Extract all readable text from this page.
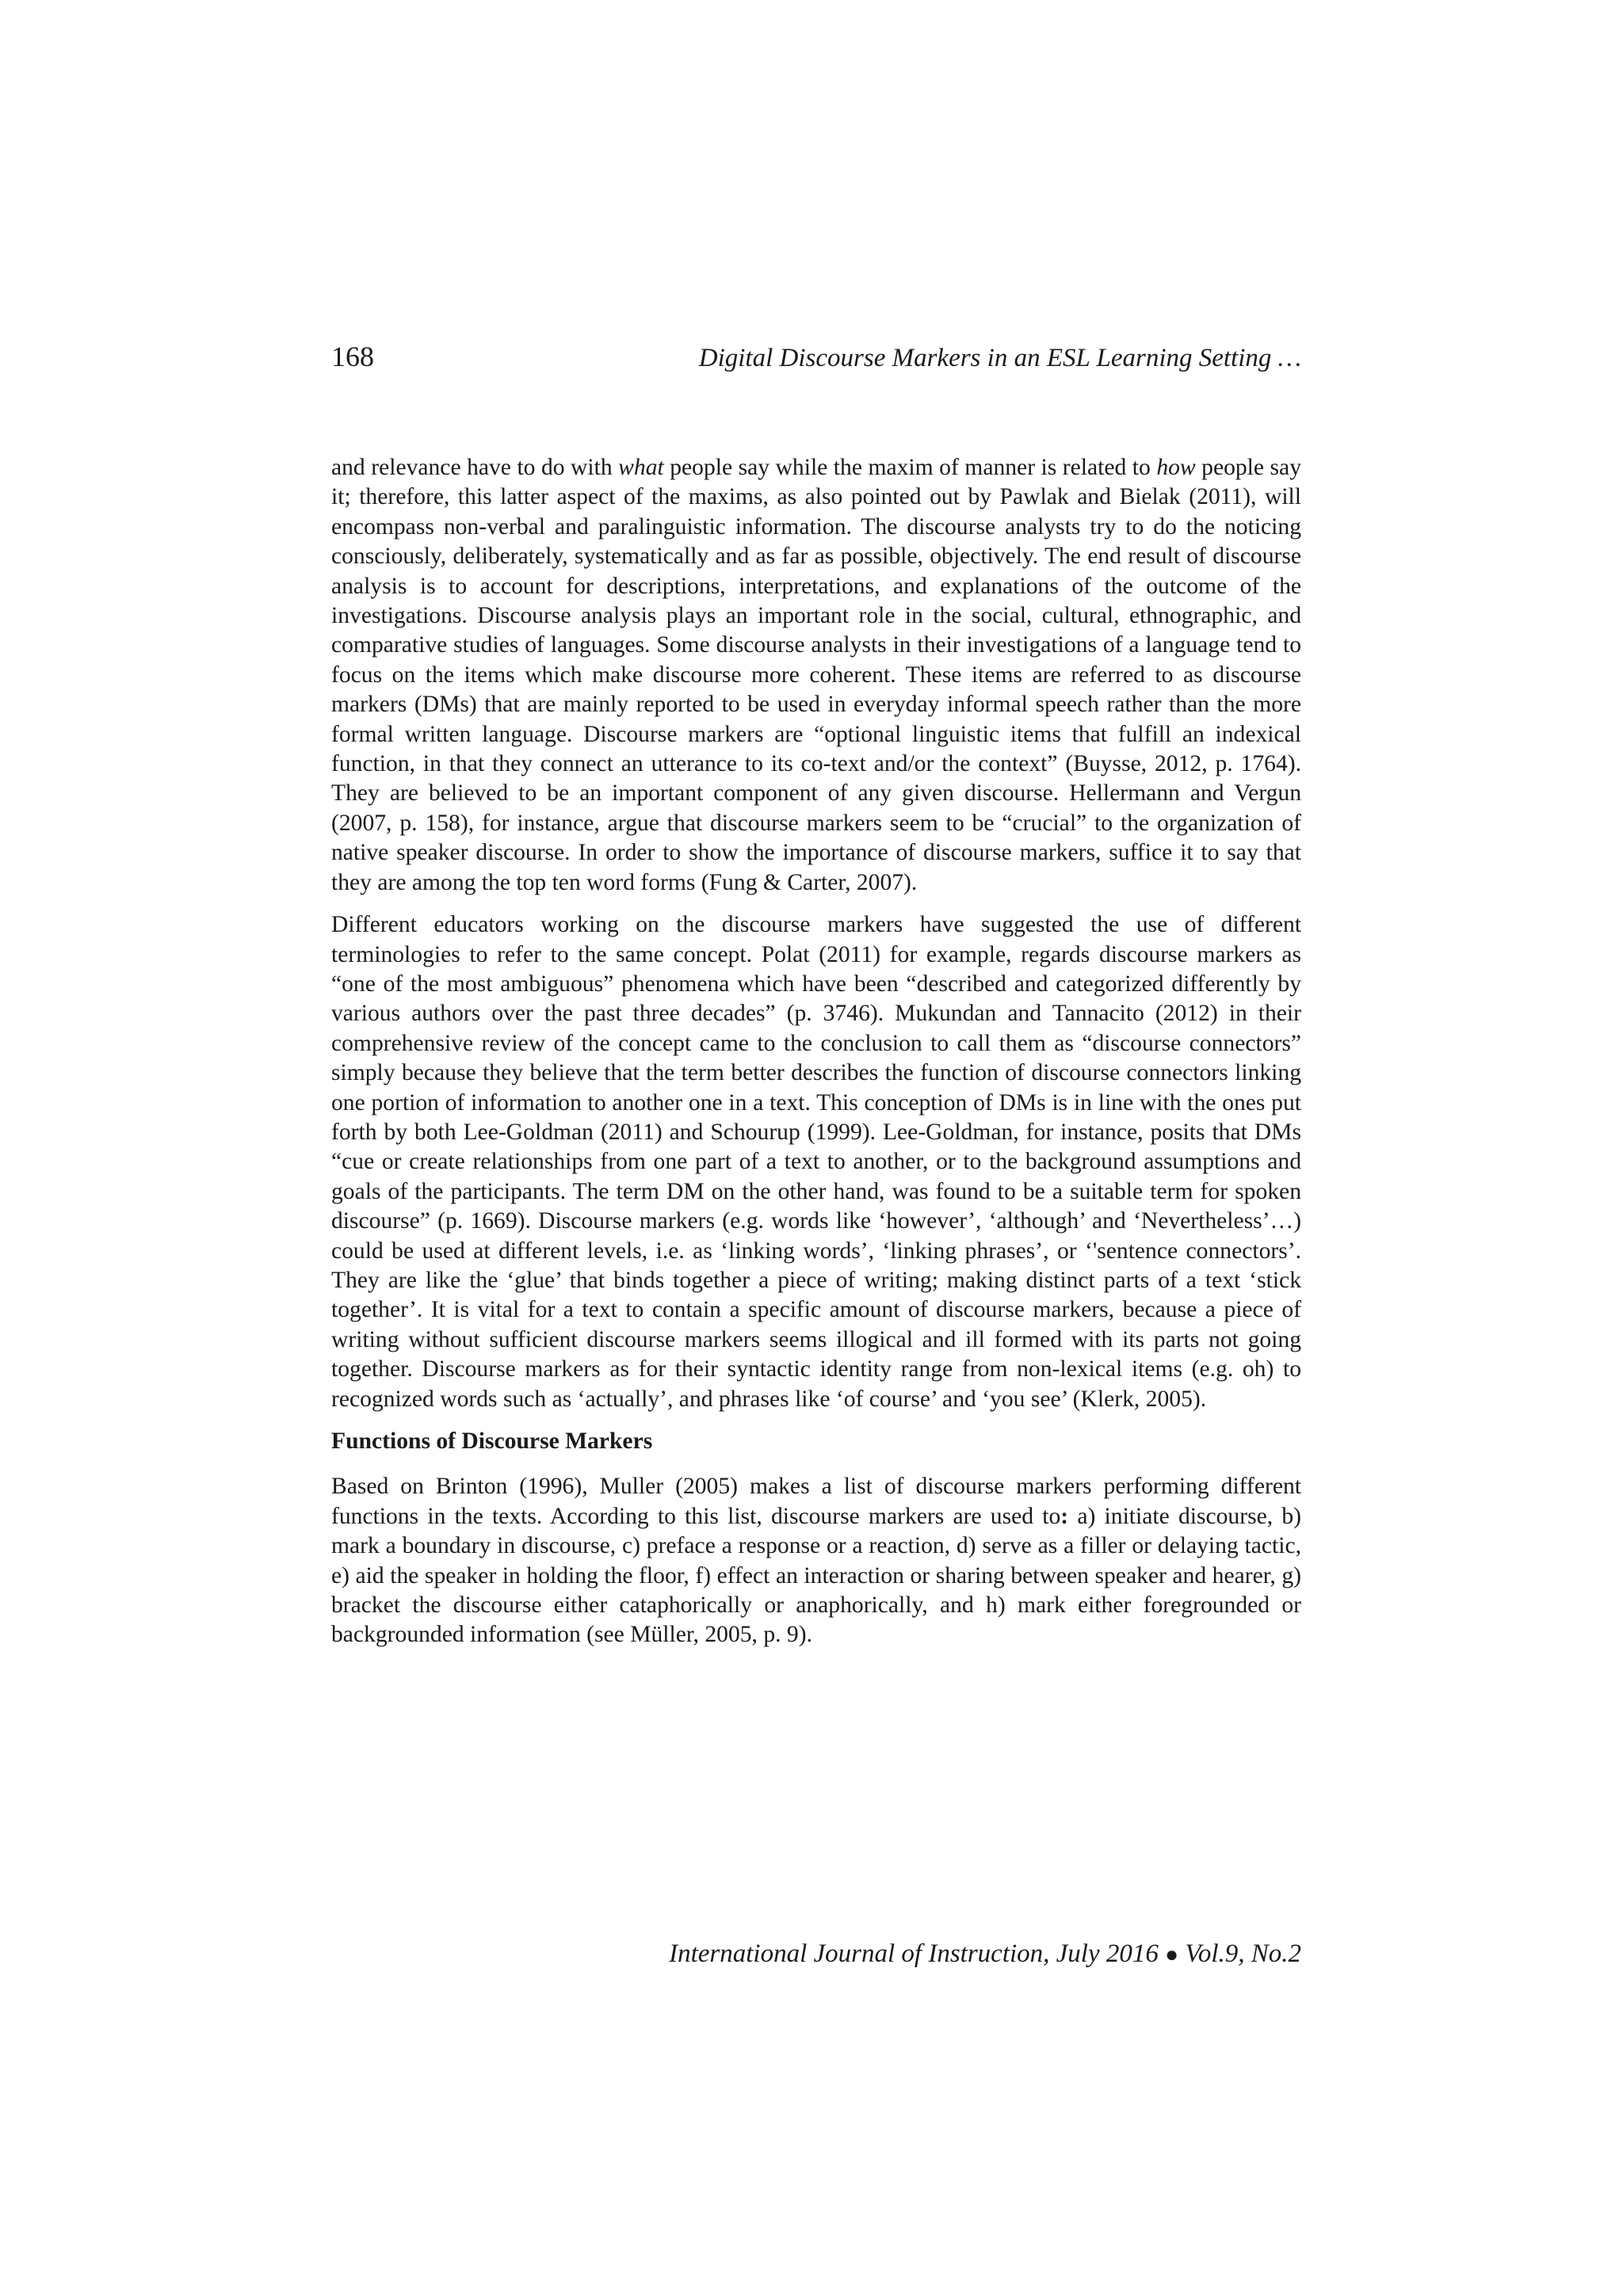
168	Digital Discourse Markers in an ESL Learning Setting …

and relevance have to do with what people say while the maxim of manner is related to how people say it; therefore, this latter aspect of the maxims, as also pointed out by Pawlak and Bielak (2011), will encompass non-verbal and paralinguistic information. The discourse analysts try to do the noticing consciously, deliberately, systematically and as far as possible, objectively. The end result of discourse analysis is to account for descriptions, interpretations, and explanations of the outcome of the investigations. Discourse analysis plays an important role in the social, cultural, ethnographic, and comparative studies of languages. Some discourse analysts in their investigations of a language tend to focus on the items which make discourse more coherent. These items are referred to as discourse markers (DMs) that are mainly reported to be used in everyday informal speech rather than the more formal written language. Discourse markers are “optional linguistic items that fulfill an indexical function, in that they connect an utterance to its co-text and/or the context” (Buysse, 2012, p. 1764). They are believed to be an important component of any given discourse. Hellermann and Vergun (2007, p. 158), for instance, argue that discourse markers seem to be “crucial” to the organization of native speaker discourse. In order to show the importance of discourse markers, suffice it to say that they are among the top ten word forms (Fung & Carter, 2007).

Different educators working on the discourse markers have suggested the use of different terminologies to refer to the same concept. Polat (2011) for example, regards discourse markers as “one of the most ambiguous” phenomena which have been “described and categorized differently by various authors over the past three decades” (p. 3746). Mukundan and Tannacito (2012) in their comprehensive review of the concept came to the conclusion to call them as “discourse connectors” simply because they believe that the term better describes the function of discourse connectors linking one portion of information to another one in a text. This conception of DMs is in line with the ones put forth by both Lee-Goldman (2011) and Schourup (1999). Lee-Goldman, for instance, posits that DMs “cue or create relationships from one part of a text to another, or to the background assumptions and goals of the participants. The term DM on the other hand, was found to be a suitable term for spoken discourse” (p. 1669). Discourse markers (e.g. words like ‘however’, ‘although’ and ‘Nevertheless’…) could be used at different levels, i.e. as ‘linking words’, ‘linking phrases’, or ‘'sentence connectors’. They are like the ‘glue’ that binds together a piece of writing; making distinct parts of a text ‘stick together’. It is vital for a text to contain a specific amount of discourse markers, because a piece of writing without sufficient discourse markers seems illogical and ill formed with its parts not going together. Discourse markers as for their syntactic identity range from non-lexical items (e.g. oh) to recognized words such as ‘actually’, and phrases like ‘of course’ and ‘you see’ (Klerk, 2005).

Functions of Discourse Markers

Based on Brinton (1996), Muller (2005) makes a list of discourse markers performing different functions in the texts. According to this list, discourse markers are used to: a) initiate discourse, b) mark a boundary in discourse, c) preface a response or a reaction, d) serve as a filler or delaying tactic, e) aid the speaker in holding the floor, f) effect an interaction or sharing between speaker and hearer, g) bracket the discourse either cataphorically or anaphorically, and h) mark either foregrounded or backgrounded information (see Müller, 2005, p. 9).

International Journal of Instruction, July 2016 ● Vol.9, No.2
